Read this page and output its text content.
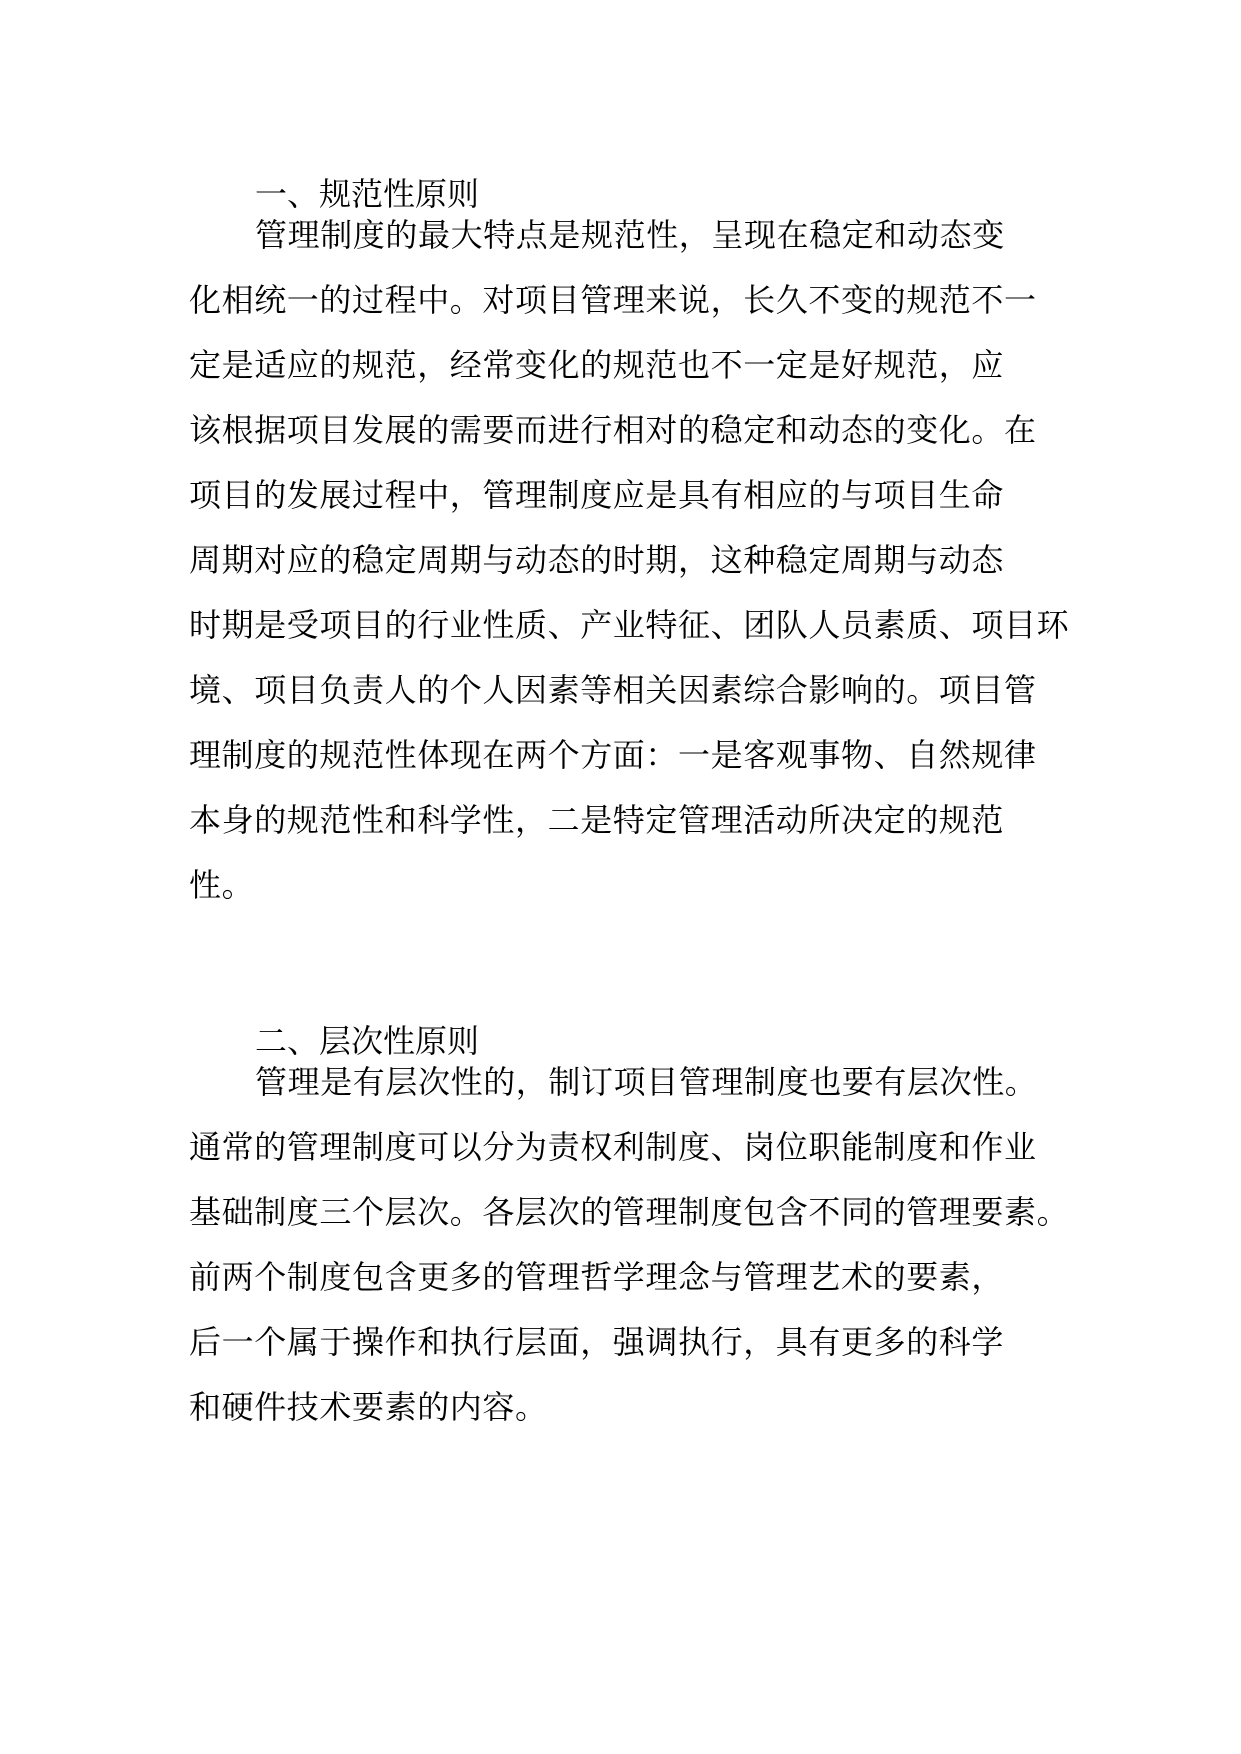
一、规范性原则
管理制度的最大特点是规范性，呈现在稳定和动态变
化相统一的过程中。对项目管理来说，长久不变的规范不一
定是适应的规范，经常变化的规范也不一定是好规范，应
该根据项目发展的需要而进行相对的稳定和动态的变化。在
项目的发展过程中，管理制度应是具有相应的与项目生命
周期对应的稳定周期与动态的时期，这种稳定周期与动态
时期是受项目的行业性质、产业特征、团队人员素质、项目环
境、项目负责人的个人因素等相关因素综合影响的。项目管
理制度的规范性体现在两个方面：一是客观事物、自然规律
本身的规范性和科学性，二是特定管理活动所决定的规范
性。
二、层次性原则
管理是有层次性的，制订项目管理制度也要有层次性。
通常的管理制度可以分为责权利制度、岗位职能制度和作业
基础制度三个层次。各层次的管理制度包含不同的管理要素。
前两个制度包含更多的管理哲学理念与管理艺术的要素，
后一个属于操作和执行层面，强调执行，具有更多的科学
和硬件技术要素的内容。
